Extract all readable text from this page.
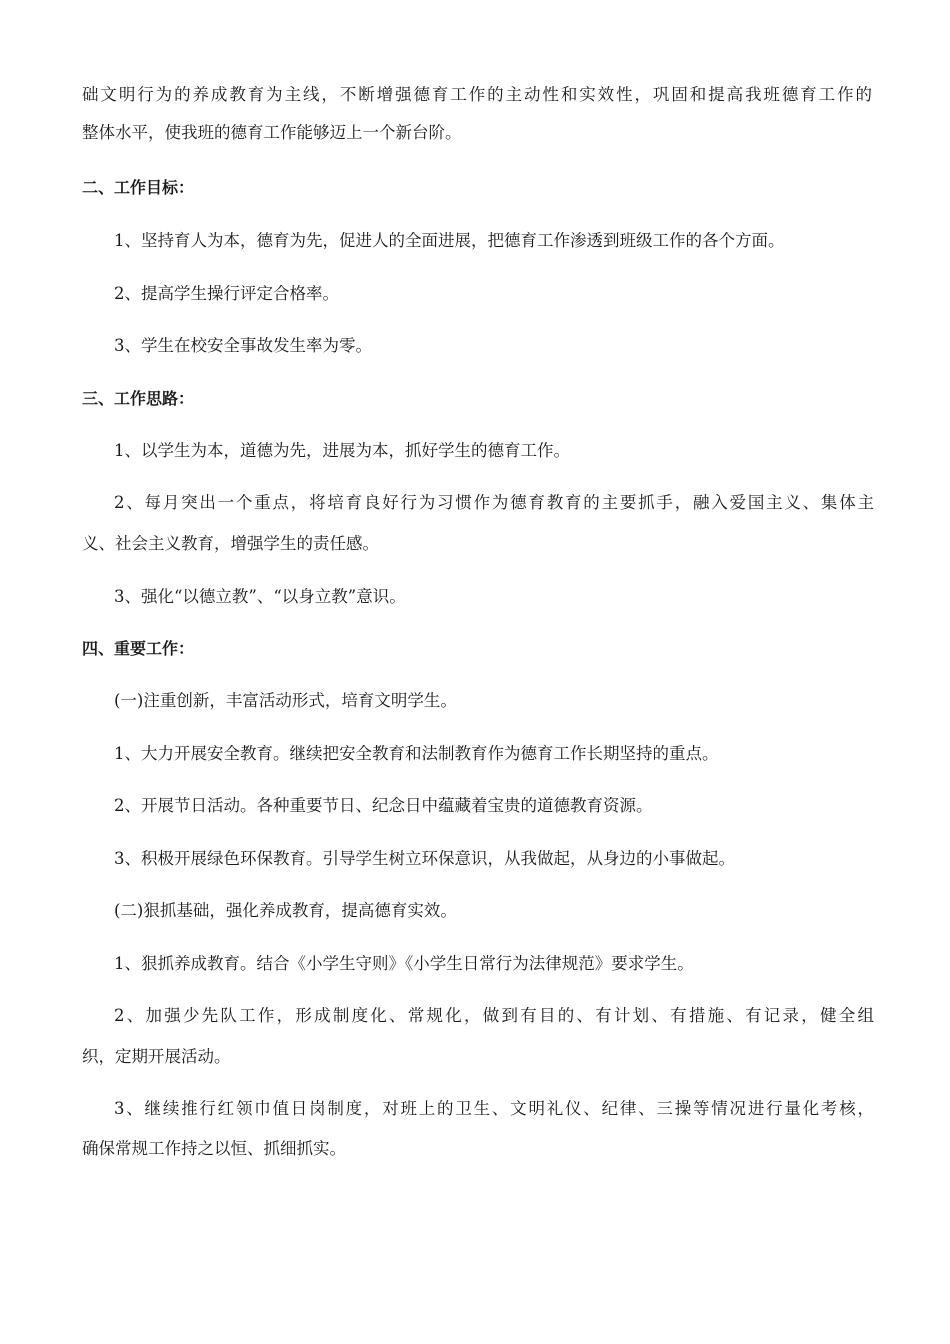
础文明行为的养成教育为主线，不断增强德育工作的主动性和实效性，巩固和提高我班德育工作的
整体水平，使我班的德育工作能够迈上一个新台阶。
二、工作目标：
1、坚持育人为本，德育为先，促进人的全面进展，把德育工作渗透到班级工作的各个方面。
2、提高学生操行评定合格率。
3、学生在校安全事故发生率为零。
三、工作思路：
1、以学生为本，道德为先，进展为本，抓好学生的德育工作。
2、每月突出一个重点，将培育良好行为习惯作为德育教育的主要抓手，融入爱国主义、集体主
义、社会主义教育，增强学生的责任感。
3、强化“以德立教”、“以身立教”意识。
四、重要工作：
(一)注重创新，丰富活动形式，培育文明学生。
1、大力开展安全教育。继续把安全教育和法制教育作为德育工作长期坚持的重点。
2、开展节日活动。各种重要节日、纪念日中蕴藏着宝贵的道德教育资源。
3、积极开展绿色环保教育。引导学生树立环保意识，从我做起，从身边的小事做起。
(二)狠抓基础，强化养成教育，提高德育实效。
1、狠抓养成教育。结合《小学生守则》《小学生日常行为法律规范》要求学生。
2、加强少先队工作，形成制度化、常规化，做到有目的、有计划、有措施、有记录，健全组
织，定期开展活动。
3、继续推行红领巾值日岗制度，对班上的卫生、文明礼仪、纪律、三操等情况进行量化考核，
确保常规工作持之以恒、抓细抓实。
